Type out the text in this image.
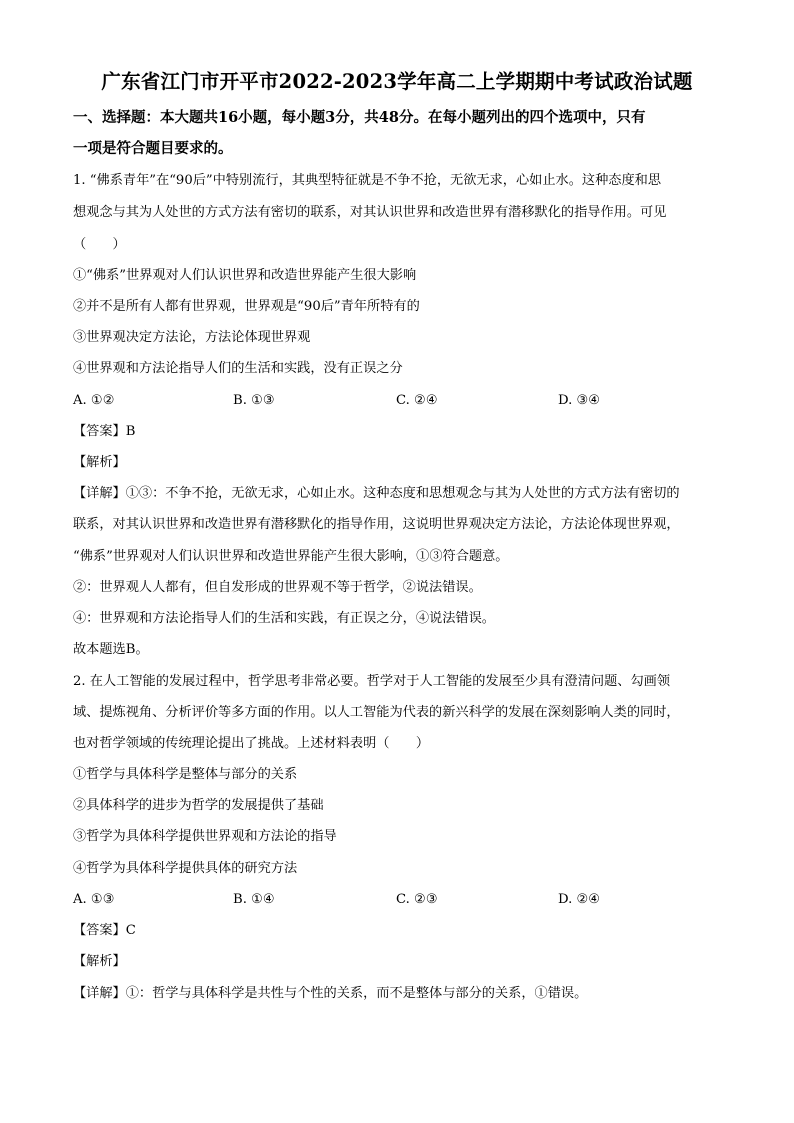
广东省江门市开平市2022-2023学年高二上学期期中考试政治试题
一、选择题：本大题共16小题，每小题3分，共48分。在每小题列出的四个选项中，只有
一项是符合题目要求的。
1. “佛系青年”在“90后”中特别流行，其典型特征就是不争不抢，无欲无求，心如止水。这种态度和思
想观念与其为人处世的方式方法有密切的联系，对其认识世界和改造世界有潜移默化的指导作用。可见
（　　）
①“佛系”世界观对人们认识世界和改造世界能产生很大影响
②并不是所有人都有世界观，世界观是“90后”青年所特有的
③世界观决定方法论，方法论体现世界观
④世界观和方法论指导人们的生活和实践，没有正误之分
A. ①②	B. ①③	C. ②④	D. ③④
【答案】B
【解析】
【详解】①③：不争不抢，无欲无求，心如止水。这种态度和思想观念与其为人处世的方式方法有密切的
联系，对其认识世界和改造世界有潜移默化的指导作用，这说明世界观决定方法论，方法论体现世界观，
“佛系”世界观对人们认识世界和改造世界能产生很大影响，①③符合题意。
②：世界观人人都有，但自发形成的世界观不等于哲学，②说法错误。
④：世界观和方法论指导人们的生活和实践，有正误之分，④说法错误。
故本题选B。
2. 在人工智能的发展过程中，哲学思考非常必要。哲学对于人工智能的发展至少具有澄清问题、勾画领
域、提炼视角、分析评价等多方面的作用。以人工智能为代表的新兴科学的发展在深刻影响人类的同时，
也对哲学领域的传统理论提出了挑战。上述材料表明（　　）
①哲学与具体科学是整体与部分的关系
②具体科学的进步为哲学的发展提供了基础
③哲学为具体科学提供世界观和方法论的指导
④哲学为具体科学提供具体的研究方法
A. ①③	B. ①④	C. ②③	D. ②④
【答案】C
【解析】
【详解】①：哲学与具体科学是共性与个性的关系，而不是整体与部分的关系，①错误。
